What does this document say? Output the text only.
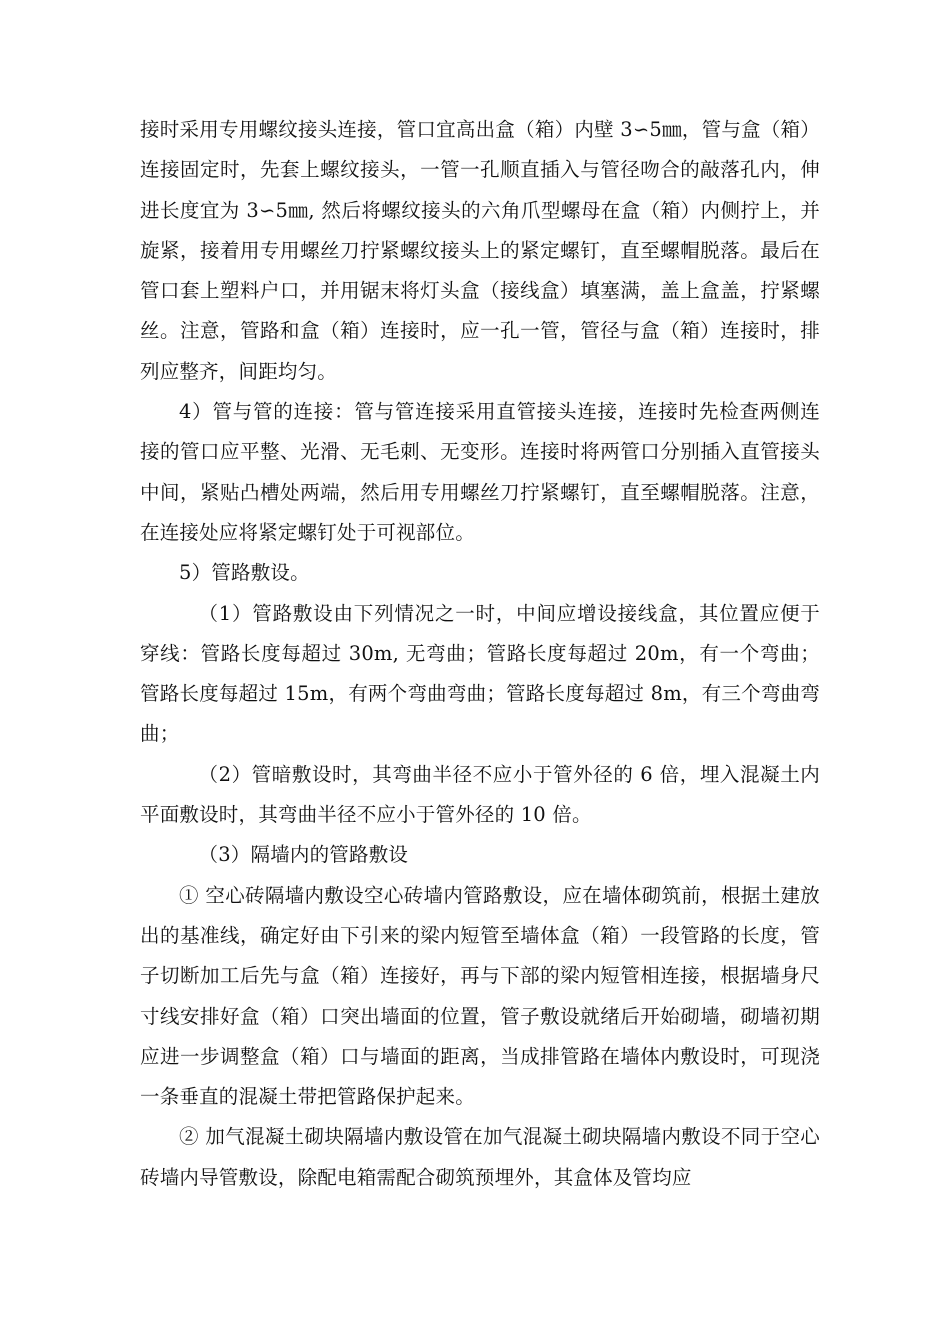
接时采用专用螺纹接头连接，管口宜高出盒（箱）内壁 3∽5㎜，管与盒（箱）连接固定时，先套上螺纹接头，一管一孔顺直插入与管径吻合的敲落孔内，伸进长度宜为 3∽5㎜, 然后将螺纹接头的六角爪型螺母在盒（箱）内侧拧上，并旋紧，接着用专用螺丝刀拧紧螺纹接头上的紧定螺钉，直至螺帽脱落。最后在管口套上塑料户口，并用锯末将灯头盒（接线盒）填塞满，盖上盒盖，拧紧螺丝。注意，管路和盒（箱）连接时，应一孔一管，管径与盒（箱）连接时，排列应整齐，间距均匀。

4）管与管的连接：管与管连接采用直管接头连接，连接时先检查两侧连接的管口应平整、光滑、无毛刺、无变形。连接时将两管口分别插入直管接头中间，紧贴凸槽处两端，然后用专用螺丝刀拧紧螺钉，直至螺帽脱落。注意，在连接处应将紧定螺钉处于可视部位。

5）管路敷设。

（1）管路敷设由下列情况之一时，中间应增设接线盒，其位置应便于穿线：管路长度每超过 30m, 无弯曲；管路长度每超过 20m，有一个弯曲；管路长度每超过 15m，有两个弯曲弯曲；管路长度每超过 8m，有三个弯曲弯曲；

（2）管暗敷设时，其弯曲半径不应小于管外径的 6 倍，埋入混凝土内平面敷设时，其弯曲半径不应小于管外径的 10 倍。

（3）隔墙内的管路敷设

① 空心砖隔墙内敷设空心砖墙内管路敷设，应在墙体砌筑前，根据土建放出的基准线，确定好由下引来的梁内短管至墙体盒（箱）一段管路的长度，管子切断加工后先与盒（箱）连接好，再与下部的梁内短管相连接，根据墙身尺寸线安排好盒（箱）口突出墙面的位置，管子敷设就绪后开始砌墙，砌墙初期应进一步调整盒（箱）口与墙面的距离，当成排管路在墙体内敷设时，可现浇一条垂直的混凝土带把管路保护起来。

② 加气混凝土砌块隔墙内敷设管在加气混凝土砌块隔墙内敷设不同于空心砖墙内导管敷设，除配电箱需配合砌筑预埋外，其盒体及管均应
